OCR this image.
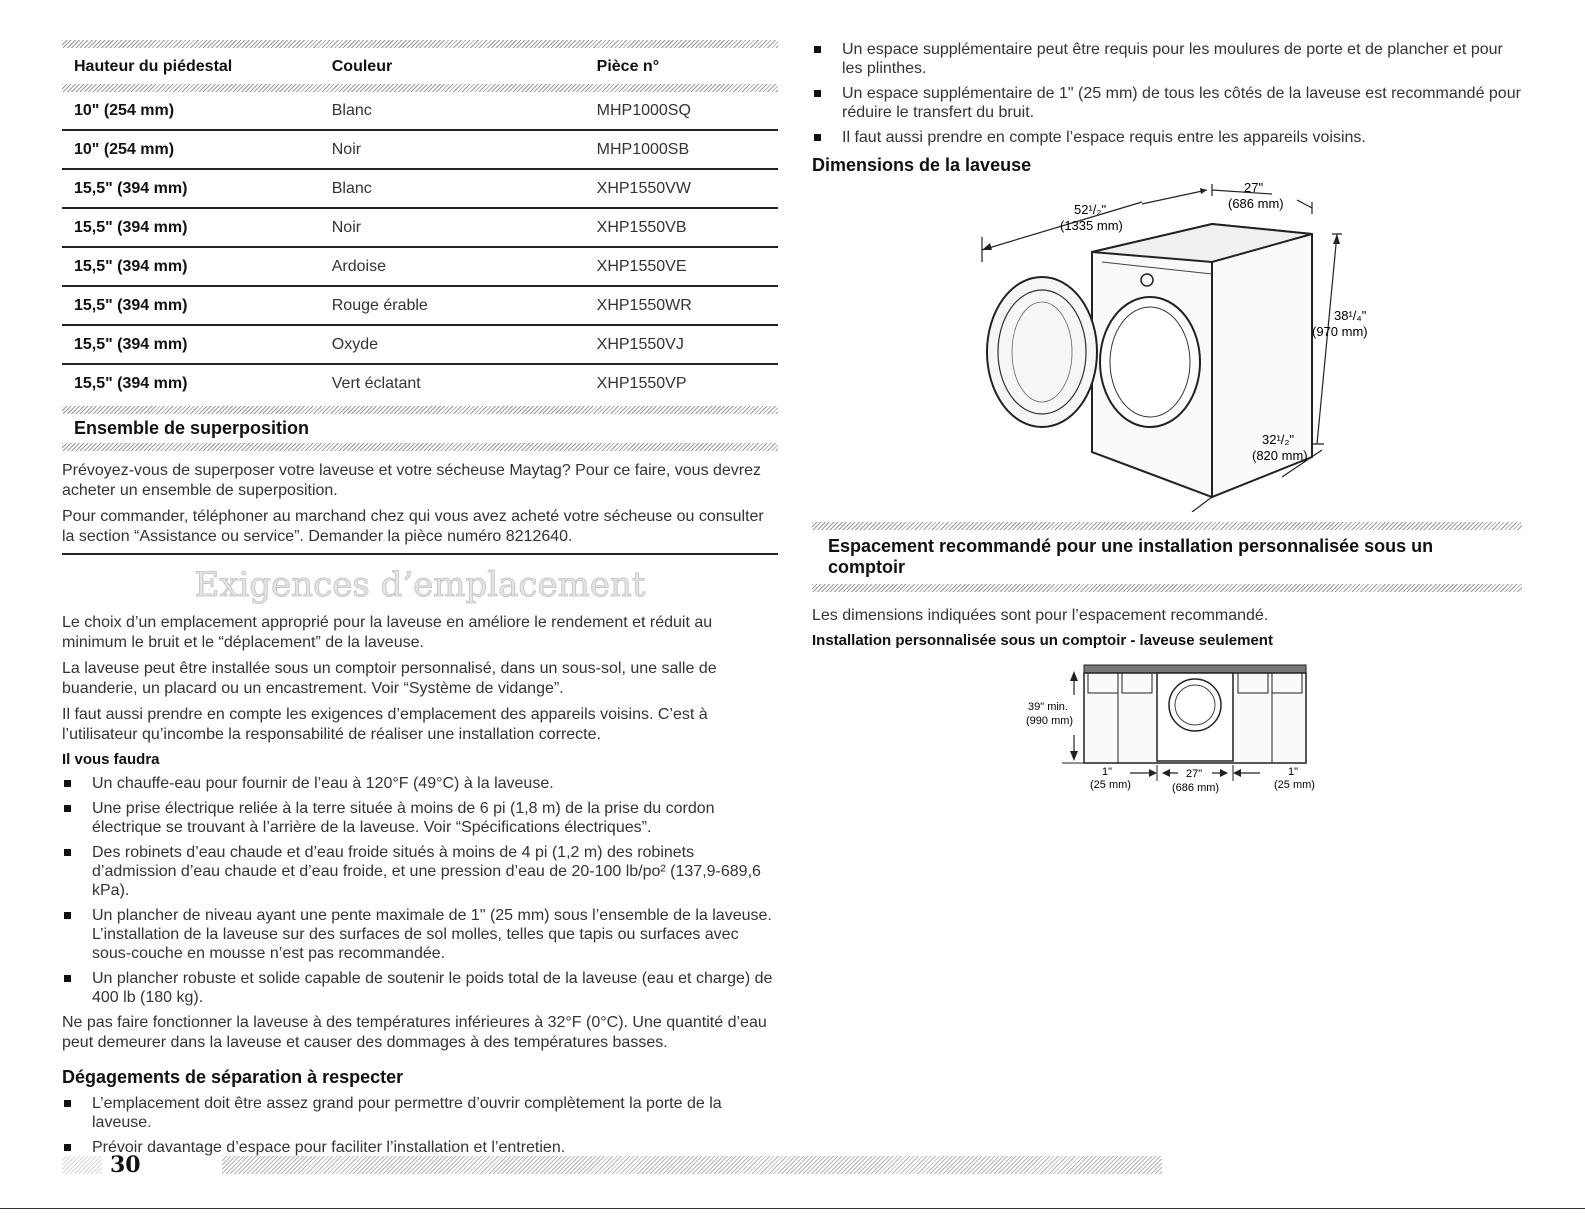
Hauteur du piédestal	Couleur	Pièce n°

10" (254 mm)	Blanc	MHP1000SQ
10" (254 mm)	Noir	MHP1000SB
15,5" (394 mm)	Blanc	XHP1550VW
15,5" (394 mm)	Noir	XHP1550VB
15,5" (394 mm)	Ardoise	XHP1550VE
15,5" (394 mm)	Rouge érable	XHP1550WR
15,5" (394 mm)	Oxyde	XHP1550VJ
15,5" (394 mm)	Vert éclatant	XHP1550VP
Ensemble de superposition

Prévoyez-vous de superposer votre laveuse et votre sécheuse Maytag? Pour ce faire, vous devrez acheter un ensemble de superposition.

Pour commander, téléphoner au marchand chez qui vous avez acheté votre sécheuse ou consulter la section “Assistance ou service”. Demander la pièce numéro 8212640.

Exigences d’emplacement

Le choix d’un emplacement approprié pour la laveuse en améliore le rendement et réduit au minimum le bruit et le “déplacement” de la laveuse.

La laveuse peut être installée sous un comptoir personnalisé, dans un sous-sol, une salle de buanderie, un placard ou un encastrement. Voir “Système de vidange”.

Il faut aussi prendre en compte les exigences d’emplacement des appareils voisins. C’est à l’utilisateur qu’incombe la responsabilité de réaliser une installation correcte.

Il vous faudra
Un chauffe-eau pour fournir de l’eau à 120°F (49°C) à la laveuse.
Une prise électrique reliée à la terre située à moins de 6 pi (1,8 m) de la prise du cordon électrique se trouvant à l’arrière de la laveuse. Voir “Spécifications électriques”.
Des robinets d’eau chaude et d’eau froide situés à moins de 4 pi (1,2 m) des robinets d’admission d’eau chaude et d’eau froide, et une pression d’eau de 20-100 lb/po² (137,9-689,6 kPa).
Un plancher de niveau ayant une pente maximale de 1" (25 mm) sous l’ensemble de la laveuse. L’installation de la laveuse sur des surfaces de sol molles, telles que tapis ou surfaces avec sous-couche en mousse n’est pas recommandée.
Un plancher robuste et solide capable de soutenir le poids total de la laveuse (eau et charge) de 400 lb (180 kg).

Ne pas faire fonctionner la laveuse à des températures inférieures à 32°F (0°C). Une quantité d’eau peut demeurer dans la laveuse et causer des dommages à des températures basses.

Dégagements de séparation à respecter
L’emplacement doit être assez grand pour permettre d’ouvrir complètement la porte de la laveuse.
Prévoir davantage d’espace pour faciliter l’installation et l’entretien.
Un espace supplémentaire peut être requis pour les moulures de porte et de plancher et pour les plinthes.
Un espace supplémentaire de 1" (25 mm) de tous les côtés de la laveuse est recommandé pour réduire le transfert du bruit.
Il faut aussi prendre en compte l’espace requis entre les appareils voisins.
Dimensions de la laveuse
52¹/₂"
(1335 mm)
27"
(686 mm)
38¹/₄"
(970 mm)
32¹/₂"
(820 mm)
Espacement recommandé pour une installation personnalisée sous un comptoir

Les dimensions indiquées sont pour l’espacement recommandé.

Installation personnalisée sous un comptoir - laveuse seulement
39" min.
(990 mm)
1"
(25 mm)
27"
(686 mm)
1"
(25 mm)
30
